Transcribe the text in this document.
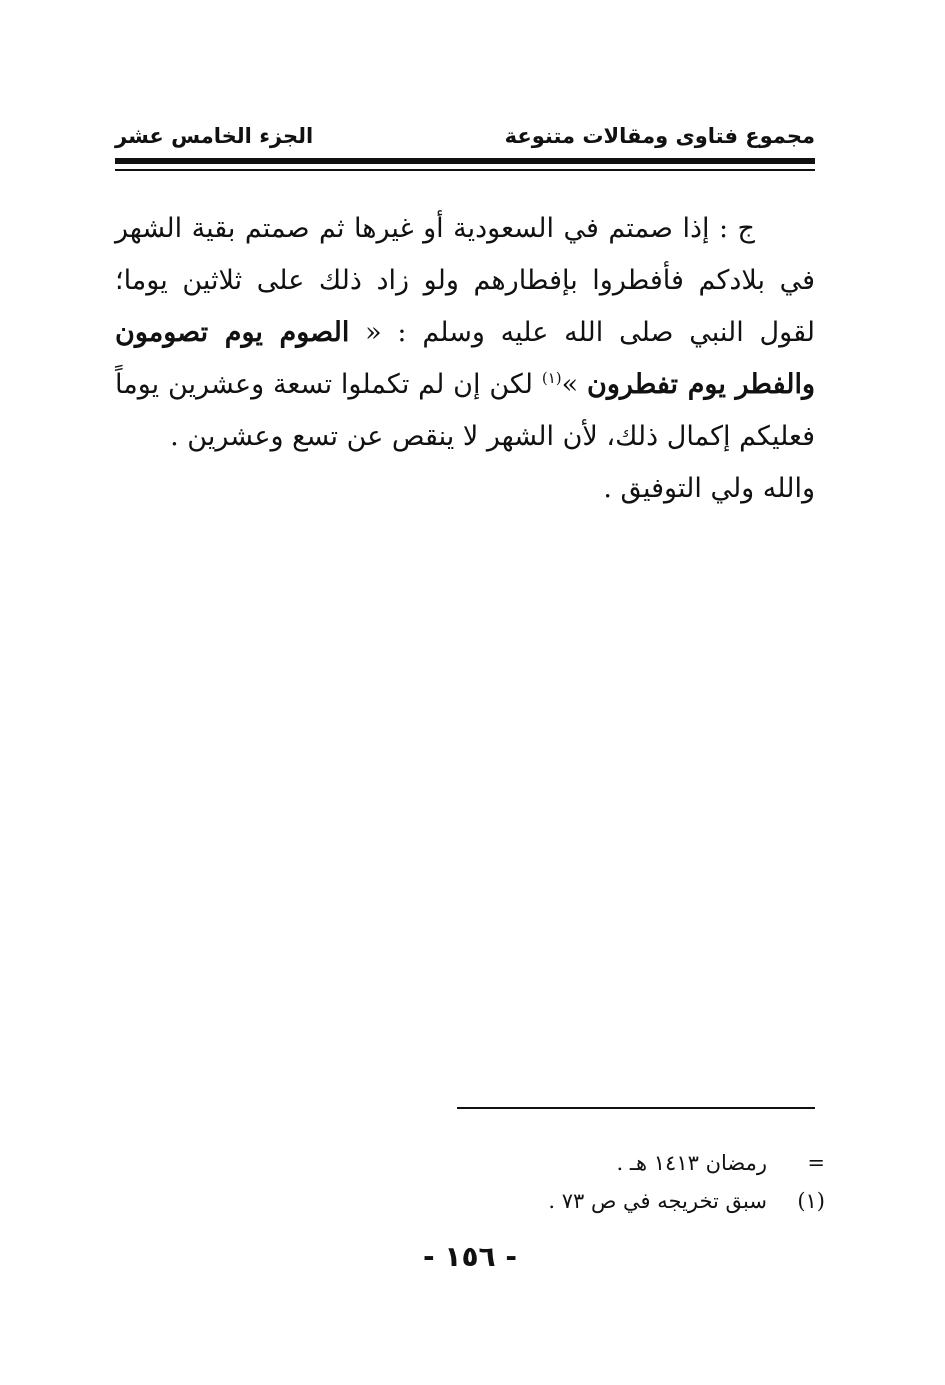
مجموع فتاوى ومقالات متنوعة
الجزء الخامس عشر

ج : إذا صمتم في السعودية أو غيرها ثم صمتم بقية الشهر في بلادكم فأفطروا بإفطارهم ولو زاد ذلك على ثلاثين يوما؛ لقول النبي صلى الله عليه وسلم : « الصوم يوم تصومون والفطر يوم تفطرون »$^{(١)}$ لكن إن لم تكملوا تسعة وعشرين يوماً فعليكم إكمال ذلك، لأن الشهر لا ينقص عن تسع وعشرين .

والله ولي التوفيق .

=رمضان ١٤١٣ هـ .
(١)سبق تخريجه في ص ٧٣ .
- ١٥٦ -
